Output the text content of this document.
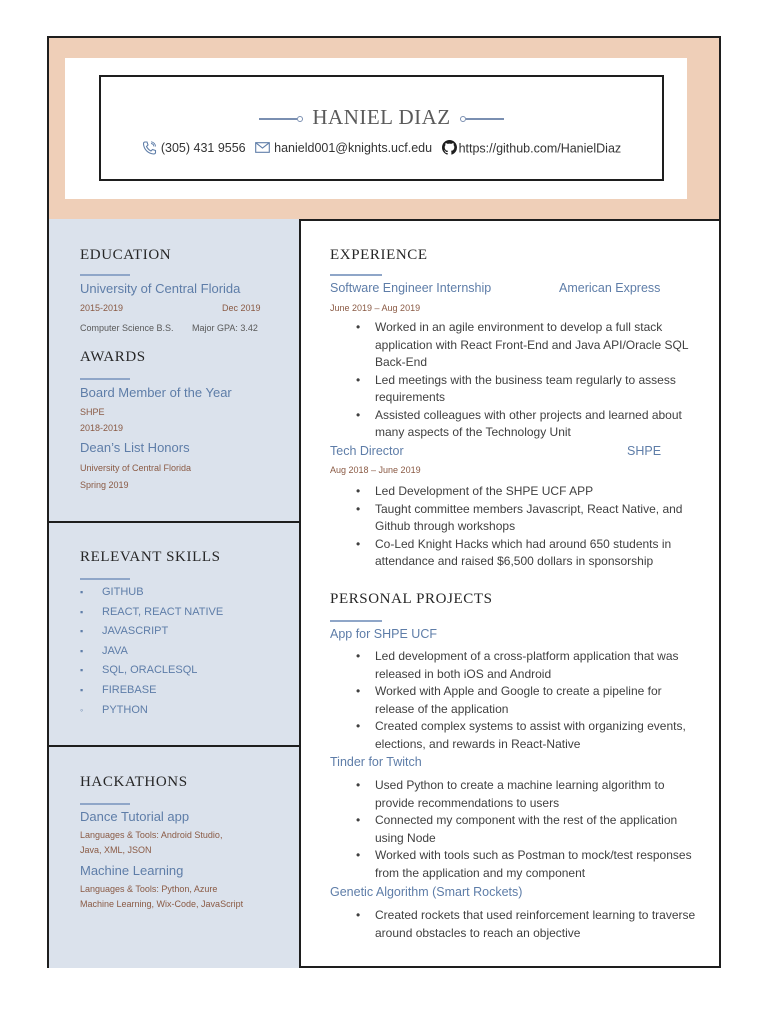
HANIEL DIAZ
(305) 431 9556 hanield001@knights.ucf.edu https://github.com/HanielDiaz
EDUCATION
University of Central Florida
2015-2019	Dec 2019
Computer Science B.S. Major GPA: 3.42
AWARDS
Board Member of the Year
SHPE
2018-2019
Dean’s List Honors
University of Central Florida
Spring 2019
RELEVANT SKILLS
▪ GITHUB
▪ REACT, REACT NATIVE
▪ JAVASCRIPT
▪ JAVA
▪ SQL, ORACLESQL
▪ FIREBASE
◦ PYTHON
HACKATHONS
Dance Tutorial app
Languages & Tools: Android Studio,
Java, XML, JSON
Machine Learning
Languages & Tools: Python, Azure
Machine Learning, Wix-Code, JavaScript
EXPERIENCE
Software Engineer Internship	American Express
June 2019 – Aug 2019
• Worked in an agile environment to develop a full stack application with React Front-End and Java API/Oracle SQL Back-End
• Led meetings with the business team regularly to assess requirements
• Assisted colleagues with other projects and learned about many aspects of the Technology Unit
Tech Director	SHPE
Aug 2018 – June 2019
• Led Development of the SHPE UCF APP
• Taught committee members Javascript, React Native, and Github through workshops
• Co-Led Knight Hacks which had around 650 students in attendance and raised $6,500 dollars in sponsorship
PERSONAL PROJECTS
App for SHPE UCF
• Led development of a cross-platform application that was released in both iOS and Android
• Worked with Apple and Google to create a pipeline for release of the application
• Created complex systems to assist with organizing events, elections, and rewards in React-Native
Tinder for Twitch
• Used Python to create a machine learning algorithm to provide recommendations to users
• Connected my component with the rest of the application using Node
• Worked with tools such as Postman to mock/test responses from the application and my component
Genetic Algorithm (Smart Rockets)
• Created rockets that used reinforcement learning to traverse around obstacles to reach an objective
